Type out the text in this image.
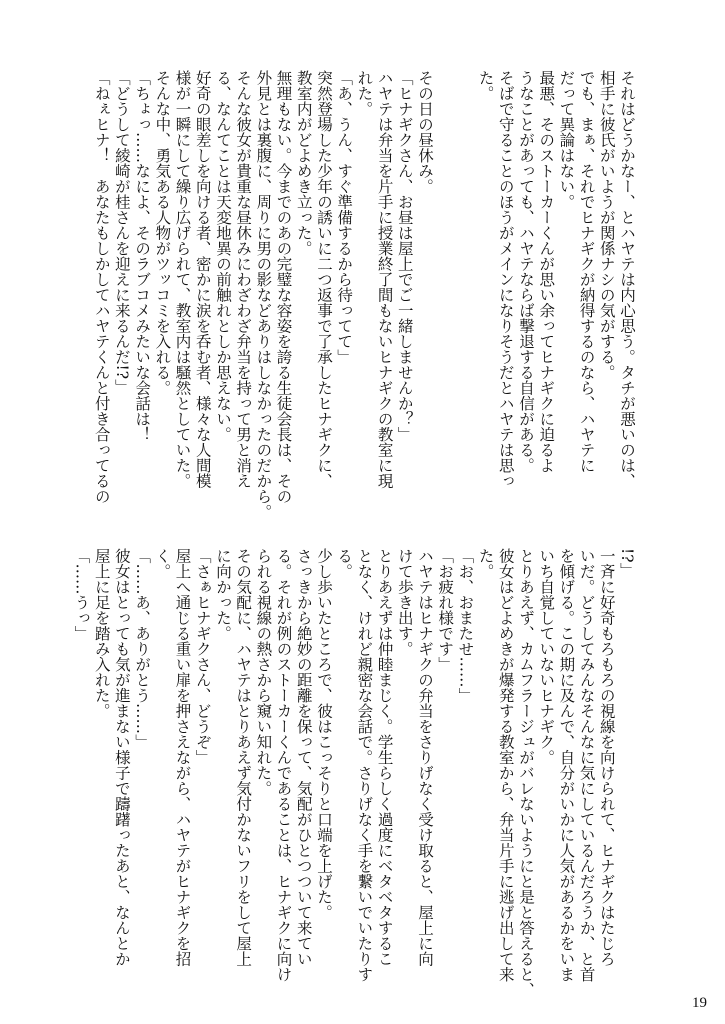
それはどうかなー、とハヤテは内心思う。タチが悪いのは、
相手に彼氏がいようが関係ナシの気がする。
でも、まぁ、それでヒナギクが納得するのなら、ハヤテに
だって異論はない。
最悪、そのストーカーくんが思い余ってヒナギクに迫るよ
うなことがあっても、ハヤテならば撃退する自信がある。
そばで守ることのほうがメインになりそうだとハヤテは思っ
た。

その日の昼休み。
「ヒナギクさん、お昼は屋上でご一緒しませんか？」
ハヤテは弁当を片手に授業終了間もないヒナギクの教室に現
れた。
「あ、うん、すぐ準備するから待ってて」
突然登場した少年の誘いに二つ返事で了承したヒナギクに、
教室内がどよめき立った。
無理もない。今までのあの完璧な容姿を誇る生徒会長は、その
外見とは裏腹に、周りに男の影などありはしなかったのだから。
そんな彼女が貴重な昼休みにわざわざ弁当を持って男と消え
る、なんてことは天変地異の前触れとしか思えない。
好奇の眼差しを向ける者、密かに涙を呑む者、様々な人間模
様が一瞬にして繰り広げられて、教室内は騒然としていた。
そんな中、勇気ある人物がツッコミを入れる。
「ちょっ……なによ、そのラブコメみたいな会話は！
「どうして綾崎が桂さんを迎えに来るんだ!?」
「ねぇヒナ！　あなたもしかしてハヤテくんと付き合ってるの
!?」
一斉に好奇もろもろの視線を向けられて、ヒナギクはたじろ
いだ。どうしてみんなそんなに気にしているんだろうか、と首
を傾げる。この期に及んで、自分がいかに人気があるかをいま
いち自覚していないヒナギク。
とりあえず、カムフラージュがバレないようにと是と答えると、
彼女はどよめきが爆発する教室から、弁当片手に逃げ出して来
た。
「お、おまたせ……」
「お疲れ様です」
ハヤテはヒナギクの弁当をさりげなく受け取ると、屋上に向
けて歩き出す。
とりあえずは仲睦まじく。学生らしく過度にベタベタするこ
となく、けれど親密な会話で。さりげなく手を繋いでいたりす
る。
少し歩いたところで、彼はこっそりと口端を上げた。
さっきから絶妙の距離を保って、気配がひとつついて来てい
る。それが例のストーカーくんであることは、ヒナギクに向け
られる視線の熱さから窺い知れた。
その気配に、ハヤテはとりあえず気付かないフリをして屋上
に向かった。
「さぁヒナギクさん、どうぞ」
屋上へ通じる重い扉を押さえながら、ハヤテがヒナギクを招
く。
「……あ、ありがとう……」
彼女はとっても気が進まない様子で躊躇ったあと、なんとか
屋上に足を踏み入れた。
「……うっ」
19
